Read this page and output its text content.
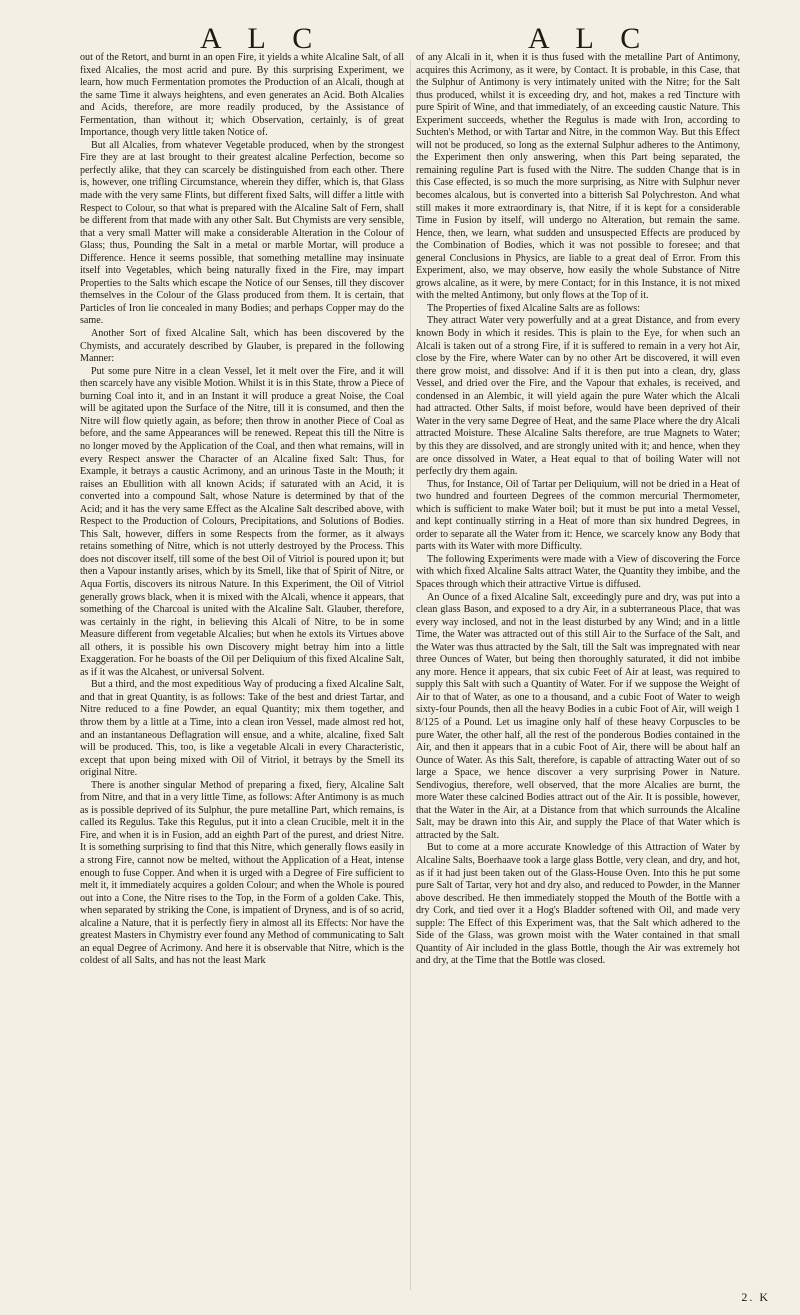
A L C	A L C

out of the Retort, and burnt in an open Fire, it yields a white Alcaline Salt, of all fixed Alcalies, the most acrid and pure. By this surprising Experiment, we learn, how much Fermentation promotes the Production of an Alcali, though at the same Time it always heightens, and even generates an Acid. Both Alcalies and Acids, therefore, are more readily produced, by the Assistance of Fermentation, than without it; which Observation, certainly, is of great Importance, though very little taken Notice of.

But all Alcalies, from whatever Vegetable produced, when by the strongest Fire they are at last brought to their greatest alcaline Perfection, become so perfectly alike, that they can scarcely be distinguished from each other. There is, however, one trifling Circumstance, wherein they differ, which is, that Glass made with the very same Flints, but different fixed Salts, will differ a little with Respect to Colour, so that what is prepared with the Alcaline Salt of Fern, shall be different from that made with any other Salt. But Chymists are very sensible, that a very small Matter will make a considerable Alteration in the Colour of Glass; thus, Pounding the Salt in a metal or marble Mortar, will produce a Difference. Hence it seems possible, that something metalline may insinuate itself into Vegetables, which being naturally fixed in the Fire, may impart Properties to the Salts which escape the Notice of our Senses, till they discover themselves in the Colour of the Glass produced from them. It is certain, that Particles of Iron lie concealed in many Bodies; and perhaps Copper may do the same.

Another Sort of fixed Alcaline Salt, which has been discovered by the Chymists, and accurately described by Glauber, is prepared in the following Manner:

Put some pure Nitre in a clean Vessel, let it melt over the Fire, and it will then scarcely have any visible Motion. Whilst it is in this State, throw a Piece of burning Coal into it, and in an Instant it will produce a great Noise, the Coal will be agitated upon the Surface of the Nitre, till it is consumed, and then the Nitre will flow quietly again, as before; then throw in another Piece of Coal as before, and the same Appearances will be renewed. Repeat this till the Nitre is no longer moved by the Application of the Coal, and then what remains, will in every Respect answer the Character of an Alcaline fixed Salt: Thus, for Example, it betrays a caustic Acrimony, and an urinous Taste in the Mouth; it raises an Ebullition with all known Acids; if saturated with an Acid, it is converted into a compound Salt, whose Nature is determined by that of the Acid; and it has the very same Effect as the Alcaline Salt described above, with Respect to the Production of Colours, Precipitations, and Solutions of Bodies. This Salt, however, differs in some Respects from the former, as it always retains something of Nitre, which is not utterly destroyed by the Process. This does not discover itself, till some of the best Oil of Vitriol is poured upon it; but then a Vapour instantly arises, which by its Smell, like that of Spirit of Nitre, or Aqua Fortis, discovers its nitrous Nature. In this Experiment, the Oil of Vitriol generally grows black, when it is mixed with the Alcali, whence it appears, that something of the Charcoal is united with the Alcaline Salt. Glauber, therefore, was certainly in the right, in believing this Alcali of Nitre, to be in some Measure different from vegetable Alcalies; but when he extols its Virtues above all others, it is possible his own Discovery might betray him into a little Exaggeration. For he boasts of the Oil per Deliquium of this fixed Alcaline Salt, as if it was the Alcahest, or universal Solvent.

But a third, and the most expeditious Way of producing a fixed Alcaline Salt, and that in great Quantity, is as follows: Take of the best and driest Tartar, and Nitre reduced to a fine Powder, an equal Quantity; mix them together, and throw them by a little at a Time, into a clean iron Vessel, made almost red hot, and an instantaneous Deflagration will ensue, and a white, alcaline, fixed Salt will be produced. This, too, is like a vegetable Alcali in every Characteristic, except that upon being mixed with Oil of Vitriol, it betrays by the Smell its original Nitre.

There is another singular Method of preparing a fixed, fiery, Alcaline Salt from Nitre, and that in a very little Time, as follows: After Antimony is as much as is possible deprived of its Sulphur, the pure metalline Part, which remains, is called its Regulus. Take this Regulus, put it into a clean Crucible, melt it in the Fire, and when it is in Fusion, add an eighth Part of the purest, and driest Nitre. It is something surprising to find that this Nitre, which generally flows easily in a strong Fire, cannot now be melted, without the Application of a Heat, intense enough to fuse Copper. And when it is urged with a Degree of Fire sufficient to melt it, it immediately acquires a golden Colour; and when the Whole is poured out into a Cone, the Nitre rises to the Top, in the Form of a golden Cake. This, when separated by striking the Cone, is impatient of Dryness, and is of so acrid, alcaline a Nature, that it is perfectly fiery in almost all its Effects: Nor have the greatest Masters in Chymistry ever found any Method of communicating to Salt an equal Degree of Acrimony. And here it is observable that Nitre, which is the coldest of all Salts, and has not the least Mark

of any Alcali in it, when it is thus fused with the metalline Part of Antimony, acquires this Acrimony, as it were, by Contact. It is probable, in this Case, that the Sulphur of Antimony is very intimately united with the Nitre; for the Salt thus produced, whilst it is exceeding dry, and hot, makes a red Tincture with pure Spirit of Wine, and that immediately, of an exceeding caustic Nature. This Experiment succeeds, whether the Regulus is made with Iron, according to Suchten's Method, or with Tartar and Nitre, in the common Way. But this Effect will not be produced, so long as the external Sulphur adheres to the Antimony, the Experiment then only answering, when this Part being separated, the remaining reguline Part is fused with the Nitre. The sudden Change that is in this Case effected, is so much the more surprising, as Nitre with Sulphur never becomes alcalous, but is converted into a bitterish Sal Polychreston. And what still makes it more extraordinary is, that Nitre, if it is kept for a considerable Time in Fusion by itself, will undergo no Alteration, but remain the same. Hence, then, we learn, what sudden and unsuspected Effects are produced by the Combination of Bodies, which it was not possible to foresee; and that general Conclusions in Physics, are liable to a great deal of Error. From this Experiment, also, we may observe, how easily the whole Substance of Nitre grows alcaline, as it were, by mere Contact; for in this Instance, it is not mixed with the melted Antimony, but only flows at the Top of it.

The Properties of fixed Alcaline Salts are as follows:

They attract Water very powerfully and at a great Distance, and from every known Body in which it resides. This is plain to the Eye, for when such an Alcali is taken out of a strong Fire, if it is suffered to remain in a very hot Air, close by the Fire, where Water can by no other Art be discovered, it will even there grow moist, and dissolve: And if it is then put into a clean, dry, glass Vessel, and dried over the Fire, and the Vapour that exhales, is received, and condensed in an Alembic, it will yield again the pure Water which the Alcali had attracted. Other Salts, if moist before, would have been deprived of their Water in the very same Degree of Heat, and the same Place where the dry Alcali attracted Moisture. These Alcaline Salts therefore, are true Magnets to Water; by this they are dissolved, and are strongly united with it; and hence, when they are once dissolved in Water, a Heat equal to that of boiling Water will not perfectly dry them again.

Thus, for Instance, Oil of Tartar per Deliquium, will not be dried in a Heat of two hundred and fourteen Degrees of the common mercurial Thermometer, which is sufficient to make Water boil; but it must be put into a metal Vessel, and kept continually stirring in a Heat of more than six hundred Degrees, in order to separate all the Water from it: Hence, we scarcely know any Body that parts with its Water with more Difficulty.

The following Experiments were made with a View of discovering the Force with which fixed Alcaline Salts attract Water, the Quantity they imbibe, and the Spaces through which their attractive Virtue is diffused.

An Ounce of a fixed Alcaline Salt, exceedingly pure and dry, was put into a clean glass Bason, and exposed to a dry Air, in a subterraneous Place, that was every way inclosed, and not in the least disturbed by any Wind; and in a little Time, the Water was attracted out of this still Air to the Surface of the Salt, and the Water was thus attracted by the Salt, till the Salt was impregnated with near three Ounces of Water, but being then thoroughly saturated, it did not imbibe any more. Hence it appears, that six cubic Feet of Air at least, was required to supply this Salt with such a Quantity of Water. For if we suppose the Weight of Air to that of Water, as one to a thousand, and a cubic Foot of Water to weigh sixty-four Pounds, then all the heavy Bodies in a cubic Foot of Air, will weigh 1 8/125 of a Pound. Let us imagine only half of these heavy Corpuscles to be pure Water, the other half, all the rest of the ponderous Bodies contained in the Air, and then it appears that in a cubic Foot of Air, there will be about half an Ounce of Water. As this Salt, therefore, is capable of attracting Water out of so large a Space, we hence discover a very surprising Power in Nature. Sendivogius, therefore, well observed, that the more Alcalies are burnt, the more Water these calcined Bodies attract out of the Air. It is possible, however, that the Water in the Air, at a Distance from that which surrounds the Alcaline Salt, may be drawn into this Air, and supply the Place of that Water which is attracted by the Salt.

But to come at a more accurate Knowledge of this Attraction of Water by Alcaline Salts, Boerhaave took a large glass Bottle, very clean, and dry, and hot, as if it had just been taken out of the Glass-House Oven. Into this he put some pure Salt of Tartar, very hot and dry also, and reduced to Powder, in the Manner above described. He then immediately stopped the Mouth of the Bottle with a dry Cork, and tied over it a Hog's Bladder softened with Oil, and made very supple: The Effect of this Experiment was, that the Salt which adhered to the Side of the Glass, was grown moist with the Water contained in that small Quantity of Air included in the glass Bottle, though the Air was extremely hot and dry, at the Time that the Bottle was closed.

2. K
